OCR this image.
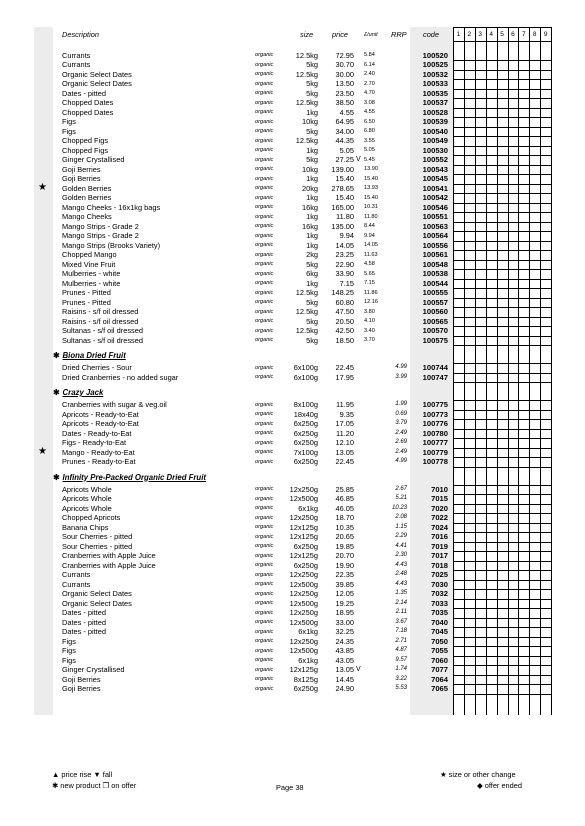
Description	size	price	£/unit RRP code	1	2	3	4	5	6	7	8	9
Currants	organic	12.5kg	72.95 5.84	100520
Currants	organic	5kg	30.70 6.14	100525
Organic Select Dates	organic	12.5kg	30.00 2.40	100532
Organic Select Dates	organic	5kg	13.50 2.70	100533
Dates - pitted	organic	5kg	23.50 4.70	100535
Chopped Dates	organic	12.5kg	38.50 3.08	100537
Chopped Dates	organic	1kg	4.55 4.55	100528
Figs	organic	10kg	64.95 6.50	100539
Figs	organic	5kg	34.00 6.80	100540
Chopped Figs	organic	12.5kg	44.35 3.55	100549
Chopped Figs	organic	1kg	5.05 5.05	100530
Ginger Crystallised	organic	5kg	27.25 V 5.45	100552
Goji Berries	organic	10kg	139.00 13.90	100543
Goji Berries	organic	1kg	15.40 15.40	100545
Golden Berries	organic	20kg	278.65 13.93	100541
★
Golden Berries	organic	1kg	15.40 15.40	100542
Mango Cheeks - 16x1kg bags	organic	16kg	165.00 10.31	100546
Mango Cheeks	organic	1kg	11.80 11.80	100551
Mango Strips - Grade 2	organic	16kg	135.00 8.44	100563
Mango Strips - Grade 2	organic	1kg	9.94 9.94	100564
Mango Strips (Brooks Variety)	organic	1kg	14.05 14.05	100556
Chopped Mango	organic	2kg	23.25 11.63	100561
Mixed Vine Fruit	organic	5kg	22.90 4.58	100548
Mulberries - white	organic	6kg	33.90 5.65	100538
Mulberries - white	organic	1kg	7.15 7.15	100544
Prunes - Pitted	organic	12.5kg	148.25 11.86	100555
Prunes - Pitted	organic	5kg	60.80 12.16	100557
Raisins - s/f oil dressed	organic	12.5kg	47.50 3.80	100560
Raisins - s/f oil dressed	organic	5kg	20.50 4.10	100565
Sultanas - s/f oil dressed	organic	12.5kg	42.50 3.40	100570
Sultanas - s/f oil dressed	organic	5kg	18.50 3.70	100575
✱ Biona Dried Fruit
Dried Cherries - Sour	organic	6x100g	22.45	4.99	100744
Dried Cranberries - no added sugar	organic	6x100g	17.95	3.99	100747
✱ Crazy Jack
Cranberries with sugar & veg.oil	organic	8x100g	11.95	1.99	100775
Apricots - Ready-to-Eat	organic	18x40g	9.35	0.69	100773
Apricots - Ready-to-Eat	organic	6x250g	17.05	3.79	100776
Dates - Ready-to-Eat	organic	6x250g	11.20	2.49	100780
Figs - Ready-to-Eat	organic	6x250g	12.10	2.69	100777
Mango - Ready-to-Eat	organic	7x100g	13.05	2.49	100779
★
Prunes - Ready-to-Eat	organic	6x250g	22.45	4.99	100778
✱ Infinity Pre-Packed Organic Dried Fruit
Apricots Whole	organic	12x250g	25.85	2.67	7010
Apricots Whole	organic	12x500g	46.85	5.21	7015
Apricots Whole	organic	6x1kg	46.05	10.23	7020
Chopped Apricots	organic	12x250g	18.70	2.08	7022
Banana Chips	organic	12x125g	10.35	1.15	7024
Sour Cherries - pitted	organic	12x125g	20.65	2.29	7016
Sour Cherries - pitted	organic	6x250g	19.85	4.41	7019
Cranberries with Apple Juice	organic	12x125g	20.70	2.30	7017
Cranberries with Apple Juice	organic	6x250g	19.90	4.43	7018
Currants	organic	12x250g	22.35	2.48	7025
Currants	organic	12x500g	39.85	4.43	7030
Organic Select Dates	organic	12x250g	12.05	1.35	7032
Organic Select Dates	organic	12x500g	19.25	2.14	7033
Dates - pitted	organic	12x250g	18.95	2.11	7035
Dates - pitted	organic	12x500g	33.00	3.67	7040
Dates - pitted	organic	6x1kg	32.25	7.18	7045
Figs	organic	12x250g	24.35	2.71	7050
Figs	organic	12x500g	43.85	4.87	7055
Figs	organic	6x1kg	43.05	9.57	7060
Ginger Crystallised	organic	12x125g	13.05 V	1.74	7077
Goji Berries	organic	8x125g	14.45	3.22	7064
Goji Berries	organic	6x250g	24.90	5.53	7065
▲ price rise ▼ fall
✱ new product ❐ on offer	Page 38
★ size or other change
◆ offer ended
